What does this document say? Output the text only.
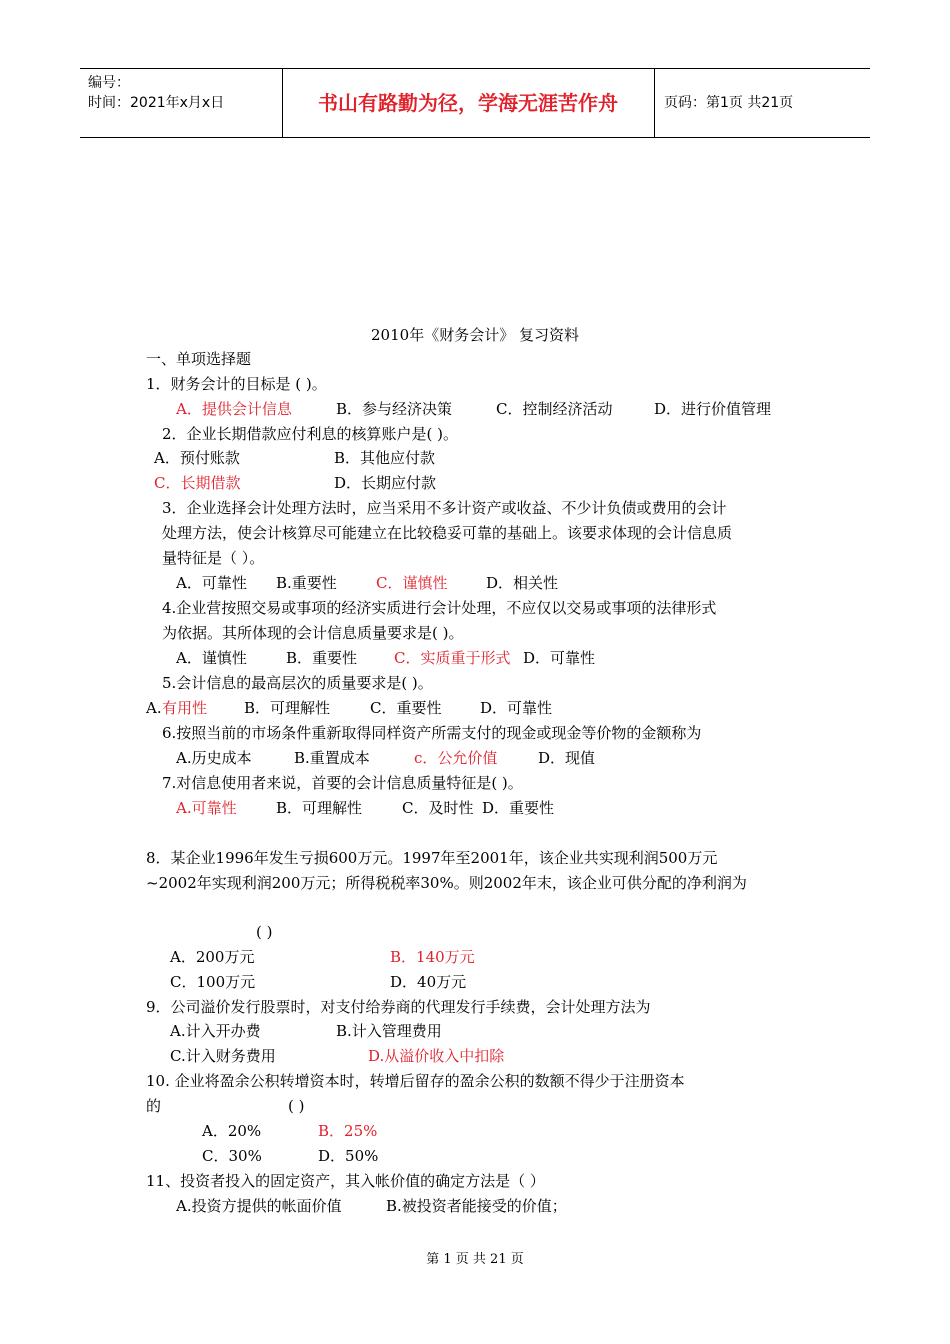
编号：
时间：2021年x月x日	书山有路勤为径，学海无涯苦作舟	页码：第1页 共21页
2010年《财务会计》 复习资料
一、单项选择题
1．财务会计的目标是 ( )。
A．提供会计信息	B．参与经济决策	C．控制经济活动	D．进行价值管理
2．企业长期借款应付利息的核算账户是( )。
A．预付账款	B．其他应付款
C．长期借款	D．长期应付款
3．企业选择会计处理方法时，应当采用不多计资产或收益、不少计负债或费用的会计
处理方法，使会计核算尽可能建立在比较稳妥可靠的基础上。该要求体现的会计信息质
量特征是（ ）。
A．可靠性 B.重要性	C．谨慎性	D．相关性
4.企业营按照交易或事项的经济实质进行会计处理，不应仅以交易或事项的法律形式
为依据。其所体现的会计信息质量要求是( )。
A．谨慎性	B．重要性 C．实质重于形式 D．可靠性
5.会计信息的最高层次的质量要求是( )。
A. 有用性 B．可理解性	C．重要性	D．可靠性
6.按照当前的市场条件重新取得同样资产所需支付的现金或现金等价物的金额称为
A.历史成本	B.重置成本	c．公允价值	D．现值
7.对信息使用者来说，首要的会计信息质量特征是( )。
A.可靠性	B．可理解性	C．及时性 D．重要性
8．某企业1996年发生亏损600万元。1997年至2001年，该企业共实现利润500万元
~2002年实现利润200万元；所得税税率30%。则2002年末，该企业可供分配的净利润为
( )
A．200万元	B．140万元
C．100万元	D．40万元
9．公司溢价发行股票时，对支付给券商的代理发行手续费，会计处理方法为
A.计入开办费	B.计入管理费用
C.计入财务费用	D.从溢价收入中扣除
10. 企业将盈余公积转增资本时，转增后留存的盈余公积的数额不得少于注册资本
的	( )
A．20%	B．25%
C．30%	D．50%
11、投资者投入的固定资产，其入帐价值的确定方法是（ ）
A.投资方提供的帐面价值	B.被投资者能接受的价值；
第 1 页 共 21 页
